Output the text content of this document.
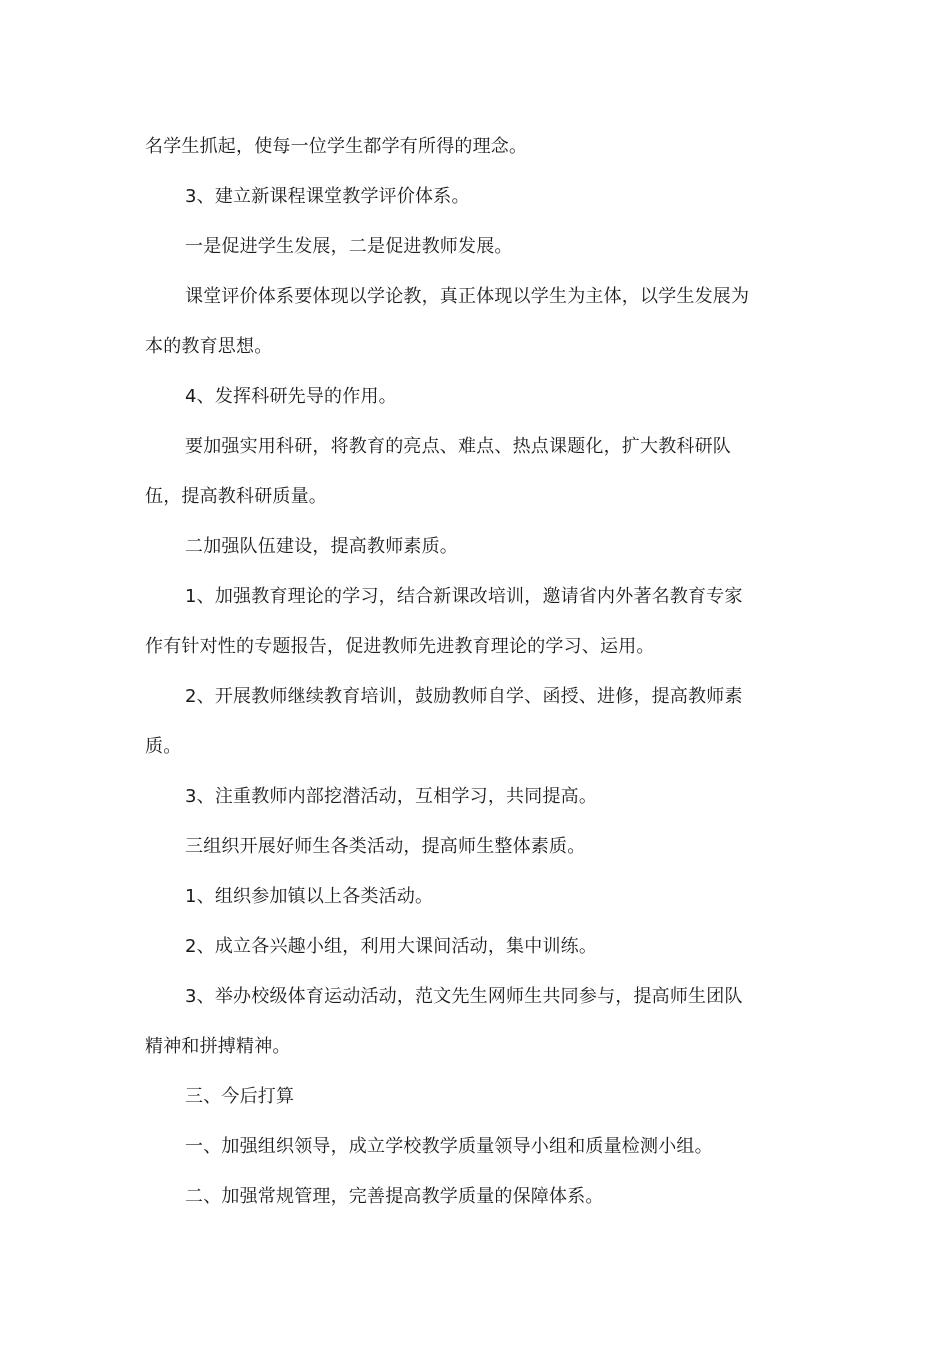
名学生抓起，使每一位学生都学有所得的理念。

3、建立新课程课堂教学评价体系。

一是促进学生发展，二是促进教师发展。

课堂评价体系要体现以学论教，真正体现以学生为主体，以学生发展为本的教育思想。

4、发挥科研先导的作用。

要加强实用科研，将教育的亮点、难点、热点课题化，扩大教科研队伍，提高教科研质量。

二加强队伍建设，提高教师素质。

1、加强教育理论的学习，结合新课改培训，邀请省内外著名教育专家作有针对性的专题报告，促进教师先进教育理论的学习、运用。

2、开展教师继续教育培训，鼓励教师自学、函授、进修，提高教师素质。

3、注重教师内部挖潜活动，互相学习，共同提高。

三组织开展好师生各类活动，提高师生整体素质。

1、组织参加镇以上各类活动。

2、成立各兴趣小组，利用大课间活动，集中训练。

3、举办校级体育运动活动，范文先生网师生共同参与，提高师生团队精神和拼搏精神。

三、今后打算

一、加强组织领导，成立学校教学质量领导小组和质量检测小组。

二、加强常规管理，完善提高教学质量的保障体系。
